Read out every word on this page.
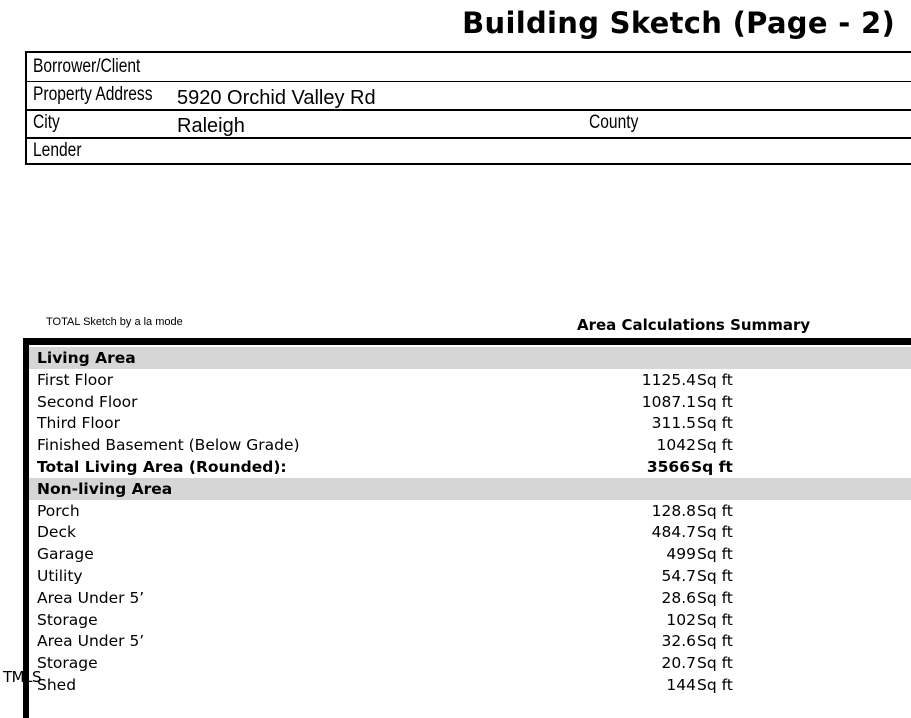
Building Sketch (Page - 2)
Borrower/Client
Property Address 5920 Orchid Valley Rd
City	Raleigh	County
Lender
TOTAL Sketch by a la mode	Area Calculations Summary
Living Area
First Floor	1125.4 Sq ft
Second Floor	1087.1 Sq ft
Third Floor	311.5 Sq ft
Finished Basement (Below Grade)	1042 Sq ft
Total Living Area (Rounded):	3566 Sq ft
Non-living Area
Porch	128.8 Sq ft
Deck	484.7 Sq ft
Garage	499 Sq ft
Utility	54.7 Sq ft
Area Under 5’	28.6 Sq ft
Storage	102 Sq ft
Area Under 5’	32.6 Sq ft
Storage	20.7 Sq ft
Shed	144 Sq ft
TMLS
